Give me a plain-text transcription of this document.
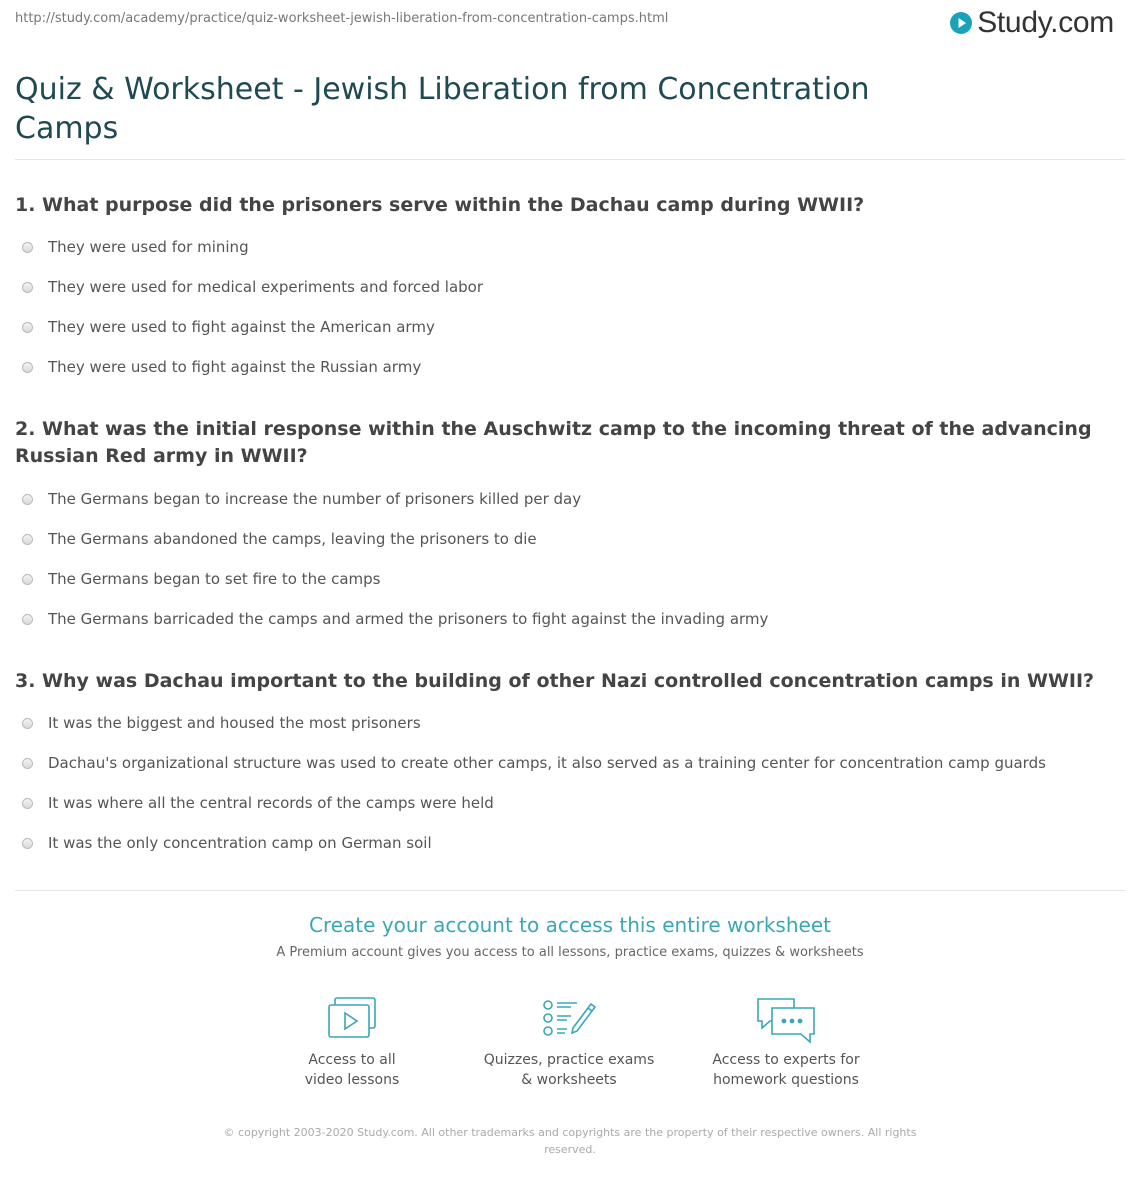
http://study.com/academy/practice/quiz-worksheet-jewish-liberation-from-concentration-camps.html	Study.com
Quiz & Worksheet - Jewish Liberation from Concentration Camps
1. What purpose did the prisoners serve within the Dachau camp during WWII?
They were used for mining
They were used for medical experiments and forced labor
They were used to fight against the American army
They were used to fight against the Russian army
2. What was the initial response within the Auschwitz camp to the incoming threat of the advancing Russian Red army in WWII?
The Germans began to increase the number of prisoners killed per day
The Germans abandoned the camps, leaving the prisoners to die
The Germans began to set fire to the camps
The Germans barricaded the camps and armed the prisoners to fight against the invading army
3. Why was Dachau important to the building of other Nazi controlled concentration camps in WWII?
It was the biggest and housed the most prisoners
Dachau's organizational structure was used to create other camps, it also served as a training center for concentration camp guards
It was where all the central records of the camps were held
It was the only concentration camp on German soil
Create your account to access this entire worksheet
A Premium account gives you access to all lessons, practice exams, quizzes & worksheets
Access to all
video lessons
Quizzes, practice exams
& worksheets
Access to experts for
homework questions
© copyright 2003-2020 Study.com. All other trademarks and copyrights are the property of their respective owners. All rights reserved.
